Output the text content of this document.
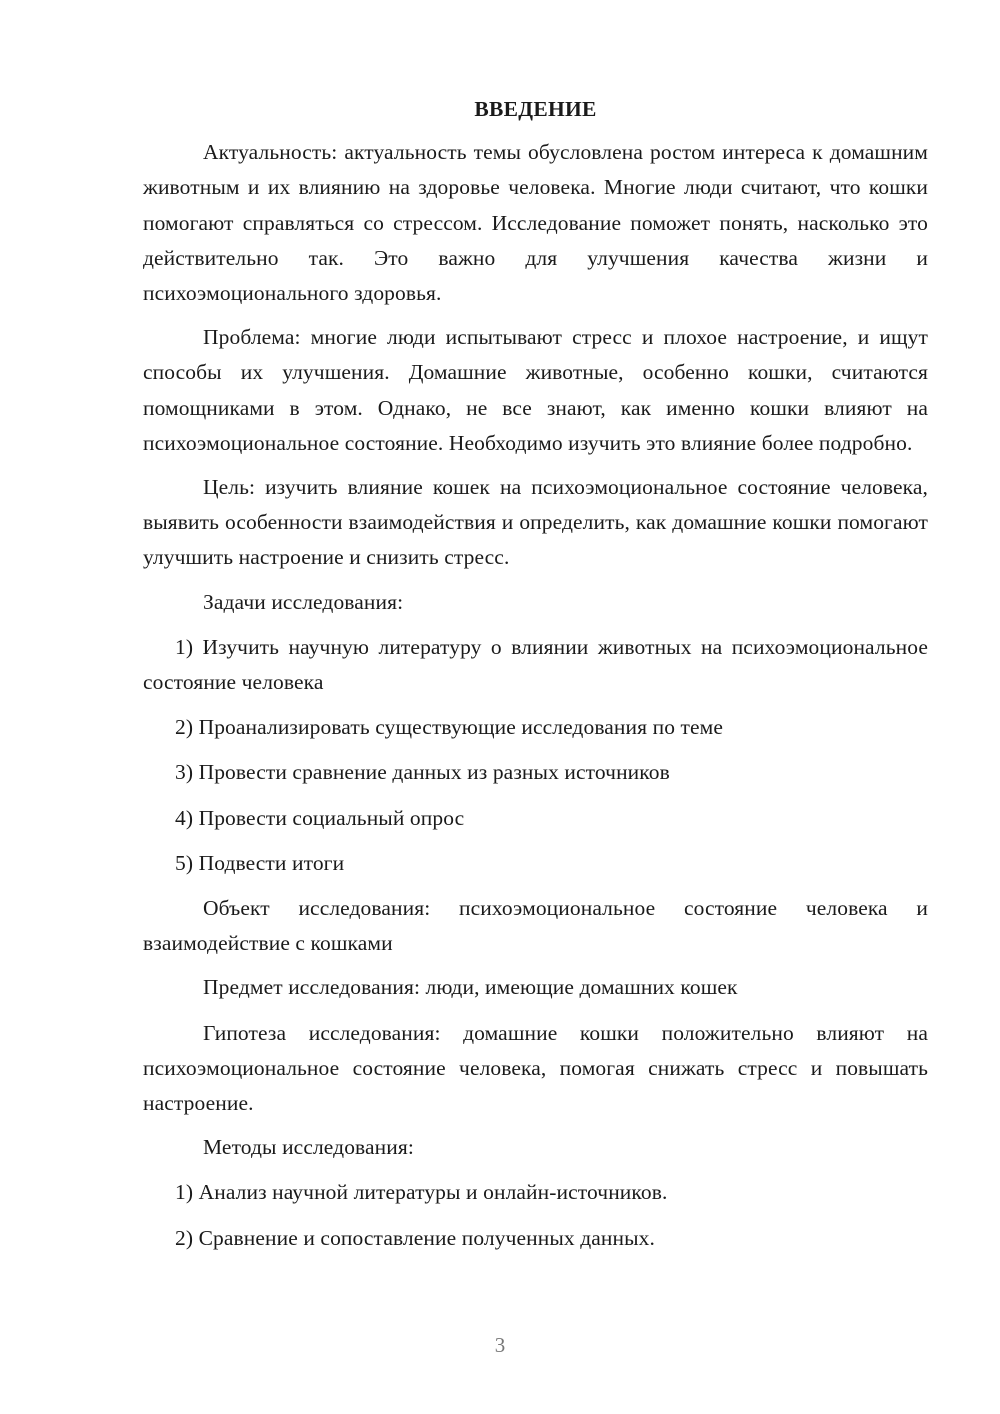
ВВЕДЕНИЕ
Актуальность: актуальность темы обусловлена ростом интереса к домашним животным и их влиянию на здоровье человека. Многие люди считают, что кошки помогают справляться со стрессом. Исследование поможет понять, насколько это действительно так. Это важно для улучшения качества жизни и психоэмоционального здоровья.
Проблема: многие люди испытывают стресс и плохое настроение, и ищут способы их улучшения. Домашние животные, особенно кошки, считаются помощниками в этом. Однако, не все знают, как именно кошки влияют на психоэмоциональное состояние. Необходимо изучить это влияние более подробно.
Цель: изучить влияние кошек на психоэмоциональное состояние человека, выявить особенности взаимодействия и определить, как домашние кошки помогают улучшить настроение и снизить стресс.
Задачи исследования:
1) Изучить научную литературу о влиянии животных на психоэмоциональное состояние человека
2) Проанализировать существующие исследования по теме
3) Провести сравнение данных из разных источников
4) Провести социальный опрос
5) Подвести итоги
Объект исследования: психоэмоциональное состояние человека и взаимодействие с кошками
Предмет исследования: люди, имеющие домашних кошек
Гипотеза исследования: домашние кошки положительно влияют на психоэмоциональное состояние человека, помогая снижать стресс и повышать настроение.
Методы исследования:
1) Анализ научной литературы и онлайн-источников.
2) Сравнение и сопоставление полученных данных.
3
